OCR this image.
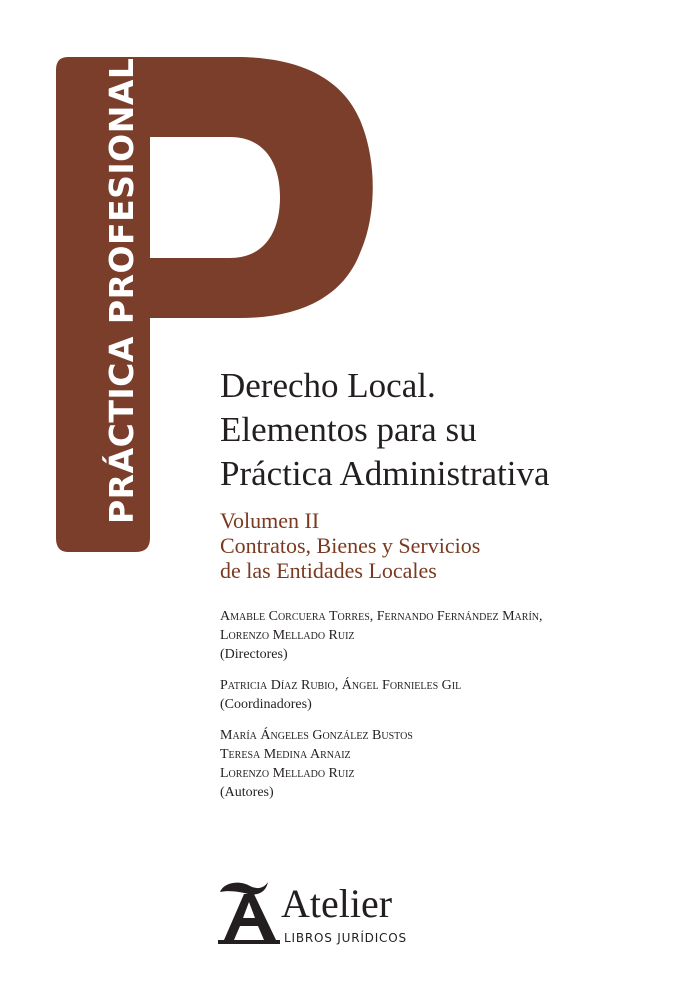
PRÁCTICA PROFESIONAL Derecho Local.
Elementos para su
Práctica Administrativa
Volumen II
Contratos, Bienes y Servicios
de las Entidades Locales
Amable Corcuera Torres, Fernando Fernández Marín,
Lorenzo Mellado Ruiz
(Directores)
Patricia Díaz Rubio, Ángel Fornieles Gil
(Coordinadores)
María Ángeles González Bustos
Teresa Medina Arnaiz
Lorenzo Mellado Ruiz
(Autores)
Atelier
LIBROS JURÍDICOS
